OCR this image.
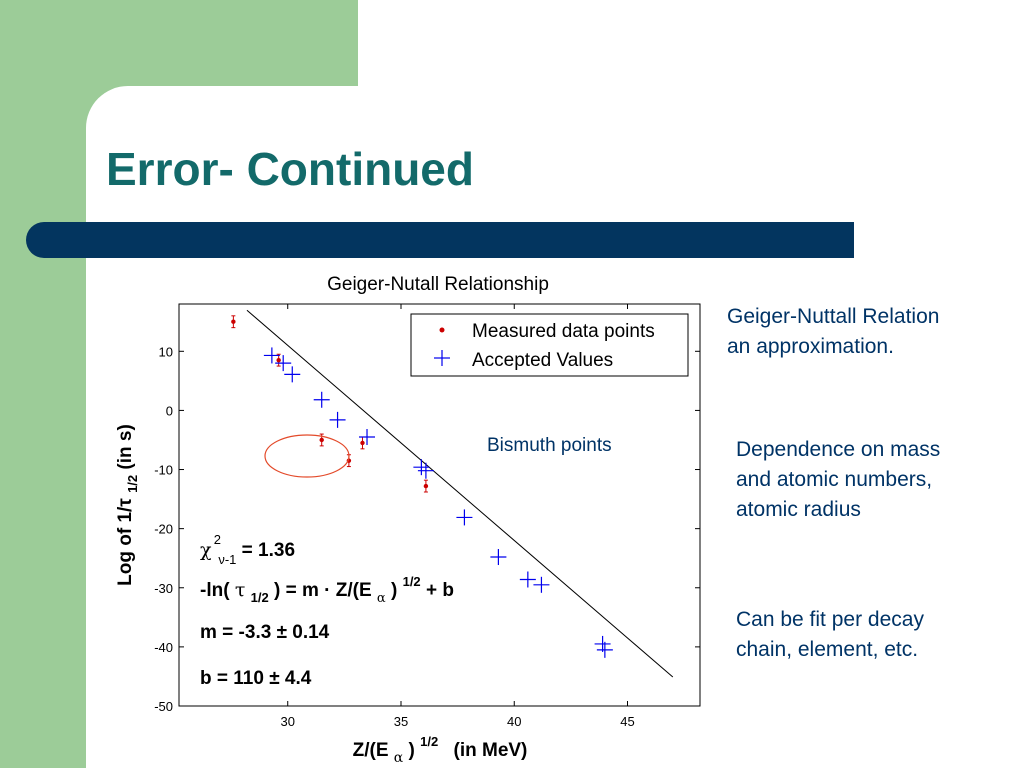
Error- Continued
Geiger-Nutall Relationship
10
0
-10
-20
-30
-40
-50
30	35	40	45
Measured data points
Accepted Values
Bismuth points
χ 2 ν-1 = 1.36
-ln( τ $_{1/2}$ ) = m · Z/(E $_\alpha$ ) $^{1/2}$ + b
m = -3.3 ± 0.14
b = 110 ± 4.4
Log of 1/τ $_{1/2}$ (in s)
Z/(E $_\alpha$ ) $^{1/2}$ (in MeV)
Geiger-Nuttall Relation
an approximation.
Dependence on mass
and atomic numbers,
atomic radius
Can be fit per decay
chain, element, etc.
